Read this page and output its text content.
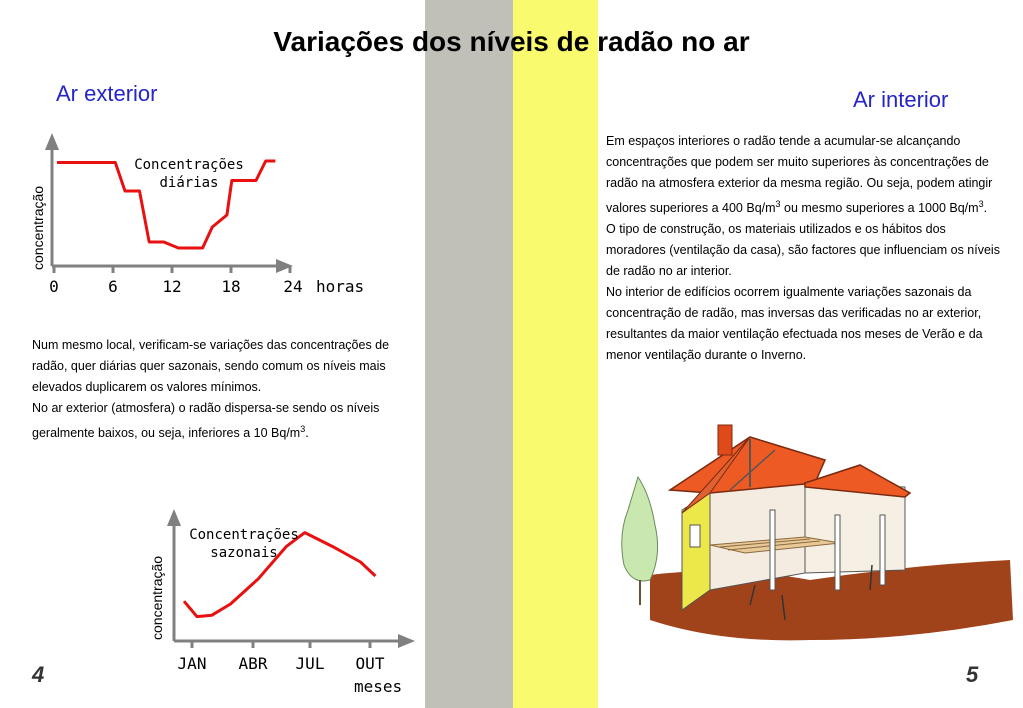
Variações dos níveis de radão no ar
Ar exterior	Ar interior
Concentrações
diárias
concentração
0	6	12 18	24 horas
Concentrações
sazonais
concentração
JAN ABR JUL OUT
meses

Num mesmo local, verificam-se variações das concentrações de radão, quer diárias quer sazonais, sendo comum os níveis mais elevados duplicarem os valores mínimos.

No ar exterior (atmosfera) o radão dispersa-se sendo os níveis geralmente baixos, ou seja, inferiores a 10 $Bq/m^3$.

Em espaços interiores o radão tende a acumular-se alcançando concentrações que podem ser muito superiores às concentrações de radão na atmosfera exterior da mesma região. Ou seja, podem atingir valores superiores a 400 $Bq/m^3$ ou mesmo superiores a 1000 $Bq/m^3$.

O tipo de construção, os materiais utilizados e os hábitos dos moradores (ventilação da casa), são factores que influenciam os níveis de radão no ar interior.

No interior de edifícios ocorrem igualmente variações sazonais da concentração de radão, mas inversas das verificadas no ar exterior, resultantes da maior ventilação efectuada nos meses de Verão e da menor ventilação durante o Inverno.

4	5
